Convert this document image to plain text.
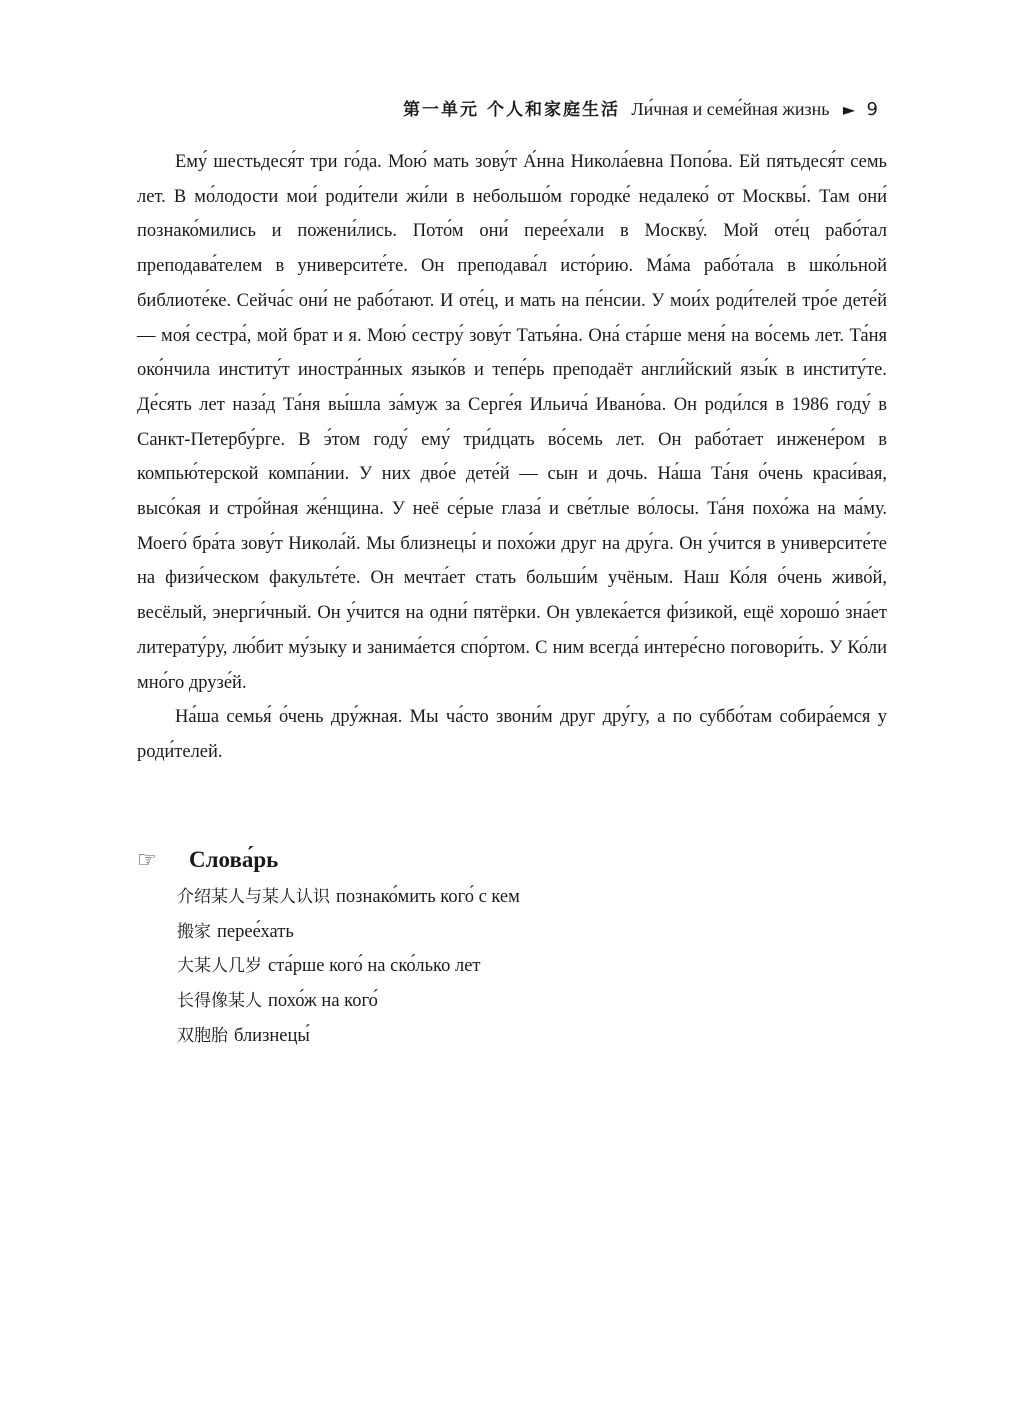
第一单元 个人和家庭生活 Ли́чная и семе́йная жизнь ► 9

Ему́ шестьдеся́т три го́да. Мою́ мать зову́т А́нна Никола́евна Попо́ва. Ей пятьдеся́т семь лет. В мо́лодости мои́ роди́тели жи́ли в небольшо́м городке́ недалеко́ от Москвы́. Там они́ познако́мились и пожени́лись. Пото́м они́ перее́хали в Москву́. Мой оте́ц рабо́тал преподава́телем в университе́те. Он преподава́л исто́рию. Ма́ма рабо́тала в шко́льной библиоте́ке. Сейча́с они́ не рабо́тают. И оте́ц, и мать на пе́нсии. У мои́х роди́телей тро́е дете́й — моя́ сестра́, мой брат и я. Мою́ сестру́ зову́т Татья́на. Она́ ста́рше меня́ на во́семь лет. Та́ня око́нчила институ́т иностра́нных языко́в и тепе́рь преподаёт англи́йский язы́к в институ́те. Де́сять лет наза́д Та́ня вы́шла за́муж за Серге́я Ильича́ Ивано́ва. Он роди́лся в 1986 году́ в Санкт-Петербу́рге. В э́том году́ ему́ три́дцать во́семь лет. Он рабо́тает инжене́ром в компью́терской компа́нии. У них дво́е дете́й — сын и дочь. На́ша Та́ня о́чень краси́вая, высо́кая и стро́йная же́нщина. У неё се́рые глаза́ и све́тлые во́лосы. Та́ня похо́жа на ма́му. Моего́ бра́та зову́т Никола́й. Мы близнецы́ и похо́жи друг на дру́га. Он у́чится в университе́те на физи́ческом факульте́те. Он мечта́ет стать больши́м учёным. Наш Ко́ля о́чень живо́й, весёлый, энерги́чный. Он у́чится на одни́ пятёрки. Он увлека́ется фи́зикой, ещё хорошо́ зна́ет литерату́ру, лю́бит му́зыку и занима́ется спо́ртом. С ним всегда́ интере́сно поговори́ть. У Ко́ли мно́го друзе́й.

На́ша семья́ о́чень дру́жная. Мы ча́сто звони́м друг дру́гу, а по суббо́там собира́емся у роди́телей.

☞	Слова́рь
介绍某人与某人认识 познако́мить кого́ с кем
搬家 перее́хать
大某人几岁 ста́рше кого́ на ско́лько лет
长得像某人 похо́ж на кого́
双胞胎 близнецы́
